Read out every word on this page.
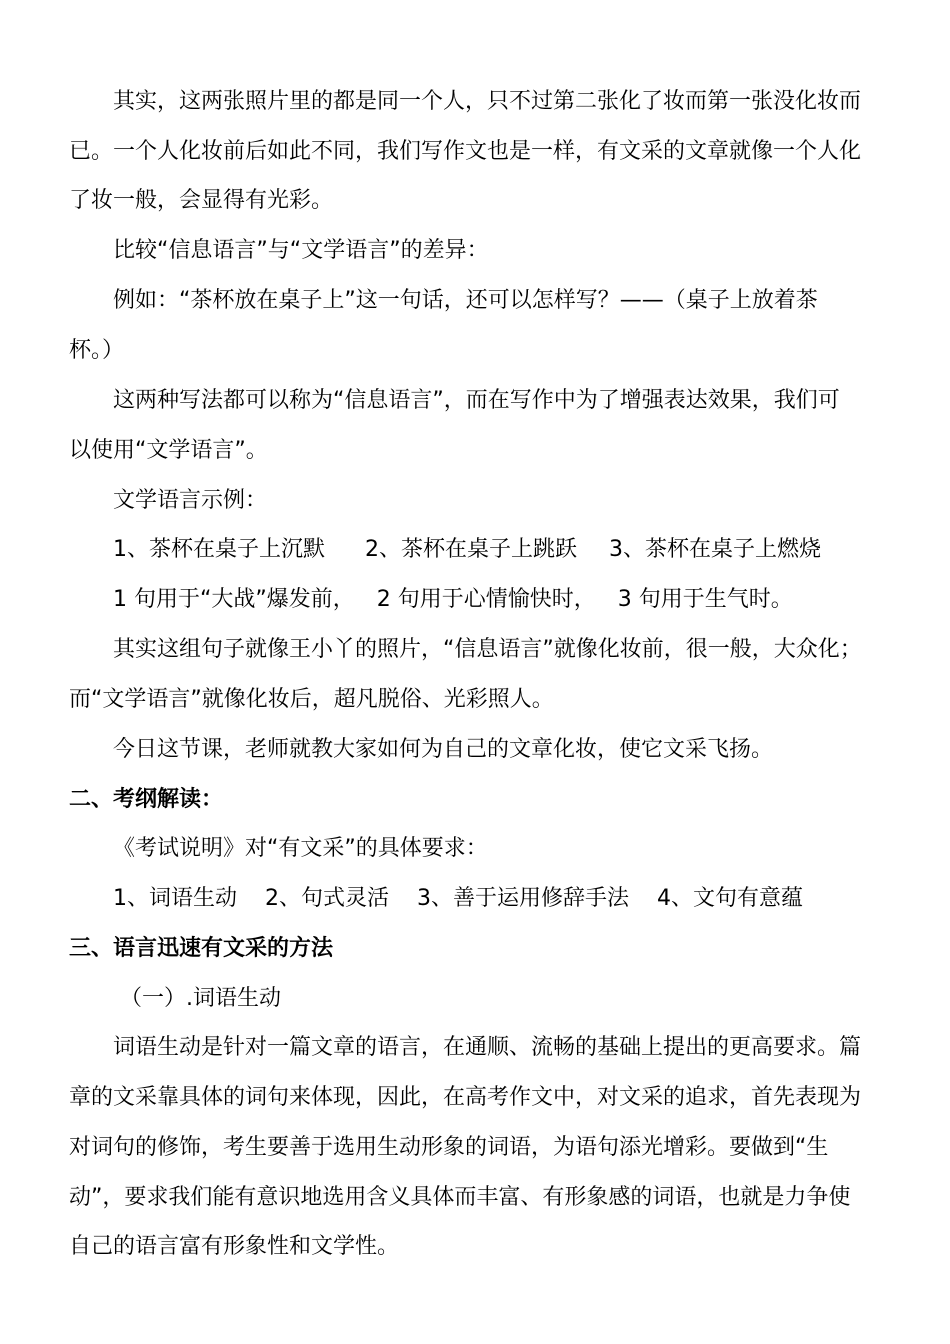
其实，这两张照片里的都是同一个人，只不过第二张化了妆而第一张没化妆而
已。一个人化妆前后如此不同，我们写作文也是一样，有文采的文章就像一个人化
了妆一般，会显得有光彩。
比较“信息语言”与“文学语言”的差异：
例如：“茶杯放在桌子上”这一句话，还可以怎样写？——（桌子上放着茶
杯。）
这两种写法都可以称为“信息语言”，而在写作中为了增强表达效果，我们可
以使用“文学语言”。
文学语言示例：
1、茶杯在桌子上沉默 2、茶杯在桌子上跳跃 3、茶杯在桌子上燃烧
1 句用于“大战”爆发前， 2 句用于心情愉快时， 3 句用于生气时。
其实这组句子就像王小丫的照片，“信息语言”就像化妆前，很一般，大众化；
而“文学语言”就像化妆后，超凡脱俗、光彩照人。
今日这节课，老师就教大家如何为自己的文章化妆，使它文采飞扬。
二、考纲解读：
《考试说明》对“有文采”的具体要求：
1、词语生动 2、句式灵活 3、善于运用修辞手法 4、文句有意蕴
三、语言迅速有文采的方法
（一）.词语生动
词语生动是针对一篇文章的语言，在通顺、流畅的基础上提出的更高要求。篇
章的文采靠具体的词句来体现，因此，在高考作文中，对文采的追求，首先表现为
对词句的修饰，考生要善于选用生动形象的词语，为语句添光增彩。要做到“生
动”，要求我们能有意识地选用含义具体而丰富、有形象感的词语，也就是力争使
自己的语言富有形象性和文学性。
